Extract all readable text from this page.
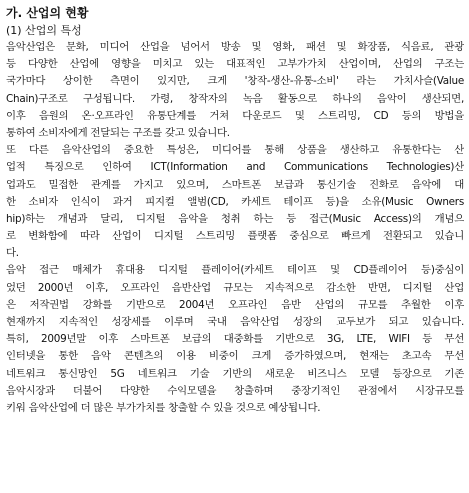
가. 산업의 현황
(1) 산업의 특성
음악산업은 문화, 미디어 산업을 넘어서 방송 및 영화, 패션 및 화장품, 식음료, 관광
등 다양한 산업에 영향을 미치고 있는 대표적인 고부가가치 산업이며, 산업의 구조는
국가마다 상이한 측면이 있지만, 크게 '창작-생산-유통-소비' 라는 가치사슬(Value
Chain)구조로 구성됩니다. 가령, 창작자의 녹음 활동으로 하나의 음악이 생산되면,
이후 음원의 온·오프라인 유통단계를 거쳐 다운로드 및 스트리밍, CD 등의 방법을
통하여 소비자에게 전달되는 구조를 갖고 있습니다.
또 다른 음악산업의 중요한 특성은, 미디어를 통해 상품을 생산하고 유통한다는 산
업적 특징으로 인하여 ICT(Information and Communications Technologies)산
업과도 밀접한 관계를 가지고 있으며, 스마트폰 보급과 통신기술 진화로 음악에 대
한 소비자 인식이 과거 피지컬 앨범(CD, 카세트 테이프 등)을 소유(Music Owners
hip)하는 개념과 달리, 디지털 음악을 청취 하는 등 접근(Music Access)의 개념으
로 변화함에 따라 산업이 디지털 스트리밍 플랫폼 중심으로 빠르게 전환되고 있습니
다.
음악 접근 매체가 휴대용 디지털 플레이어(카세트 테이프 및 CD플레이어 등)중심이
었던 2000년 이후, 오프라인 음반산업 규모는 지속적으로 감소한 반면, 디지털 산업
은 저작권법 강화를 기반으로 2004년 오프라인 음반 산업의 규모를 추월한 이후
현재까지 지속적인 성장세를 이루며 국내 음악산업 성장의 교두보가 되고 있습니다.
특히, 2009년말 이후 스마트폰 보급의 대중화를 기반으로 3G, LTE, WIFI 등 무선
인터넷을 통한 음악 콘텐츠의 이용 비중이 크게 증가하였으며, 현재는 초고속 무선
네트워크 통신망인 5G 네트워크 기술 기반의 새로운 비즈니스 모델 등장으로 기존
음악시장과 더불어 다양한 수익모델을 창출하며 중장기적인 관점에서 시장규모를
키워 음악산업에 더 많은 부가가치를 창출할 수 있을 것으로 예상됩니다.
